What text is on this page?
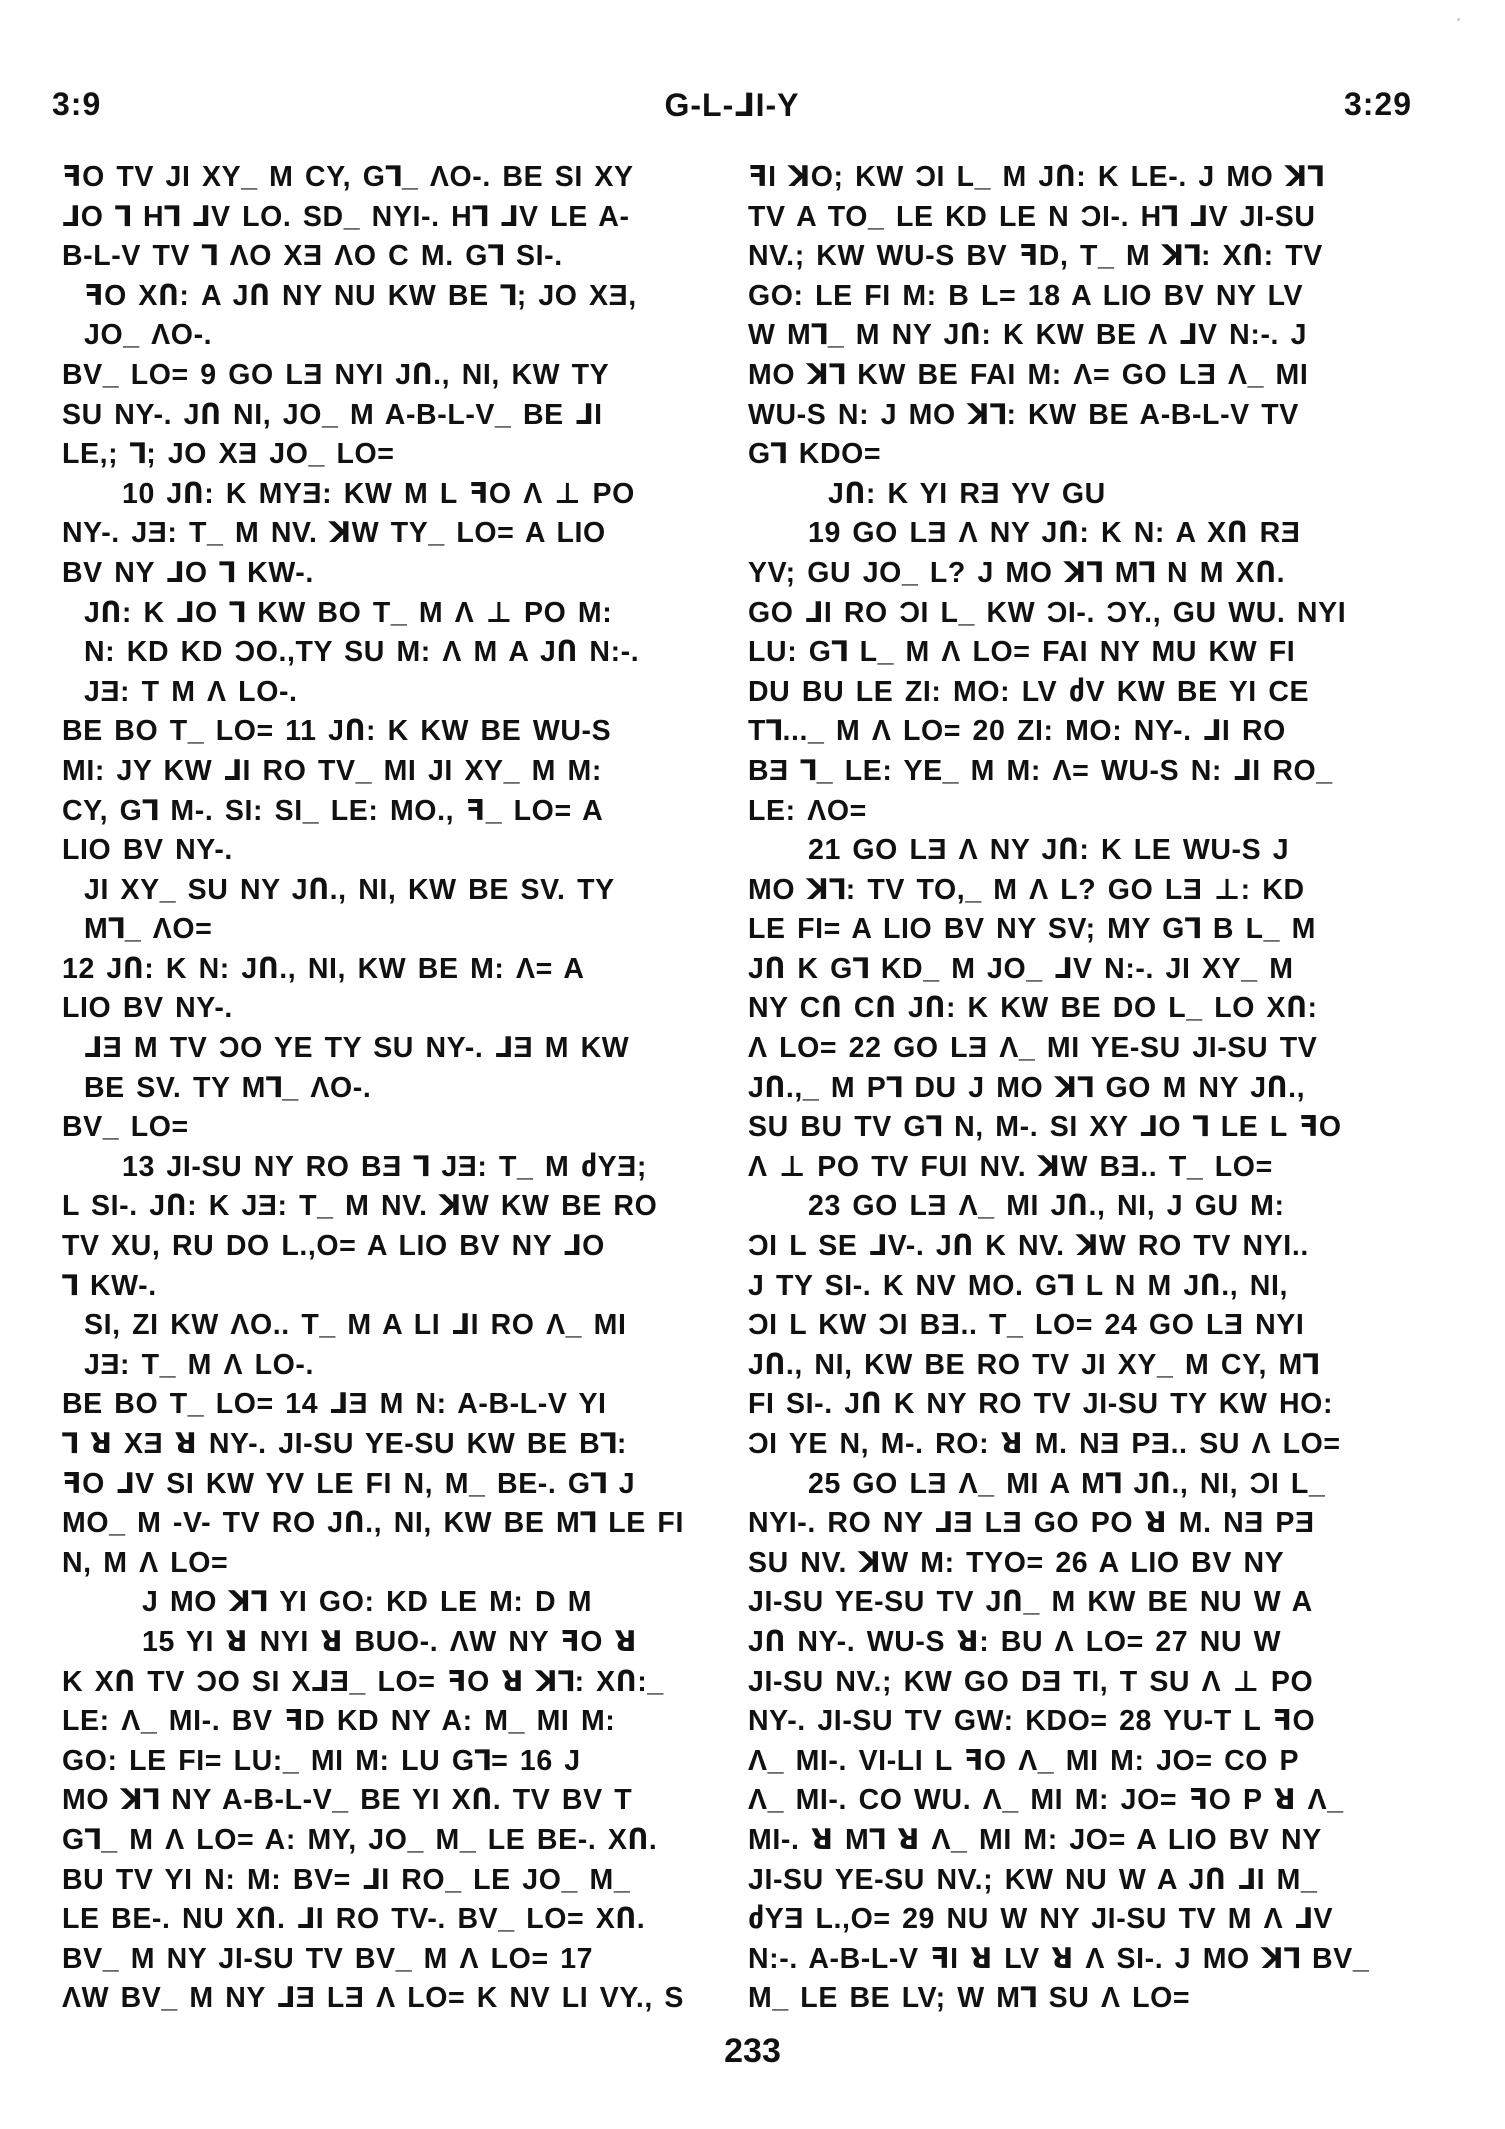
3:9	G-L-⅃I-Y	3:29
ꟻO TV JI XY_ M CY, G⅂_ ɅO-. BE SI XY
⅃O ⅂ H⅂ ⅃V LO. SD_ NYI-. H⅂ ⅃V LE A-
B-L-V TV ⅂ ɅO XƎ ɅO C M. G⅂ SI-.
ꟻO XՈ: A JՈ NY NU KW BE ⅂; JO XƎ,
JO_ ɅO-.
BV_ LO= 9 GO LƎ NYI JՈ., NI, KW TY
SU NY-. JՈ NI, JO_ M A-B-L-V_ BE ⅃I
LE,; ⅂; JO XƎ JO_ LO=
10 JՈ: K MYƎ: KW M L ꟻO Ʌ ⊥ PO
NY-. JƎ: T_ M NV. ꓘW TY_ LO= A LIO
BV NY ⅃O ⅂ KW-.
JՈ: K ⅃O ⅂ KW BO T_ M Ʌ ⊥ PO M:
N: KD KD ƆO.,TY SU M: Ʌ M A JՈ N:-.
JƎ: T M Ʌ LO-.
BE BO T_ LO= 11 JՈ: K KW BE WU-S
MI: JY KW ⅃I RO TV_ MI JI XY_ M M:
CY, G⅂ M-. SI: SI_ LE: MO., ꟻ_ LO= A
LIO BV NY-.
JI XY_ SU NY JՈ., NI, KW BE SV. TY
M⅂_ ɅO=
12 JՈ: K N: JՈ., NI, KW BE M: Ʌ= A
LIO BV NY-.
⅃Ǝ M TV ƆO YE TY SU NY-. ⅃Ǝ M KW
BE SV. TY M⅂_ ɅO-.
BV_ LO=
13 JI-SU NY RO BƎ ⅂ JƎ: T_ M ძYƎ;
L SI-. JՈ: K JƎ: T_ M NV. ꓘW KW BE RO
TV XU, RU DO L.,O= A LIO BV NY ⅃O
⅂ KW-.
SI, ZI KW ɅO.. T_ M A LI ⅃I RO Ʌ_ MI
JƎ: T_ M Ʌ LO-.
BE BO T_ LO= 14 ⅃Ǝ M N: A-B-L-V YI
⅂ ꓤ XƎ ꓤ NY-. JI-SU YE-SU KW BE B⅂:
ꟻO ⅃V SI KW YV LE FI N, M_ BE-. G⅂ J
MO_ M -V- TV RO JՈ., NI, KW BE M⅂ LE FI
N, M Ʌ LO=
J MO ꓘ⅂ YI GO: KD LE M: D M
15 YI ꓤ NYI ꓤ BUO-. ɅW NY ꟻO ꓤ
K XՈ TV ƆO SI X⅃Ǝ_ LO= ꟻO ꓤ ꓘ⅂: XՈ:_
LE: Ʌ_ MI-. BV ꟻD KD NY A: M_ MI M:
GO: LE FI= LU:_ MI M: LU G⅂= 16 J
MO ꓘ⅂ NY A-B-L-V_ BE YI XՈ. TV BV T
G⅂_ M Ʌ LO= A: MY, JO_ M_ LE BE-. XՈ.
BU TV YI N: M: BV= ⅃I RO_ LE JO_ M_
LE BE-. NU XՈ. ⅃I RO TV-. BV_ LO= XՈ.
BV_ M NY JI-SU TV BV_ M Ʌ LO= 17
ɅW BV_ M NY ⅃Ǝ LƎ Ʌ LO= K NV LI VY., S
ꟻI ꓘO; KW ƆI L_ M JՈ: K LE-. J MO ꓘ⅂
TV A TO_ LE KD LE N ƆI-. H⅂ ⅃V JI-SU
NV.; KW WU-S BV ꟻD, T_ M ꓘ⅂: XՈ: TV
GO: LE FI M: B L= 18 A LIO BV NY LV
W M⅂_ M NY JՈ: K KW BE Ʌ ⅃V N:-. J
MO ꓘ⅂ KW BE FAI M: Ʌ= GO LƎ Ʌ_ MI
WU-S N: J MO ꓘ⅂: KW BE A-B-L-V TV
G⅂ KDO=
JՈ: K YI RƎ YV GU
19 GO LƎ Ʌ NY JՈ: K N: A XՈ RƎ
YV; GU JO_ L? J MO ꓘ⅂ M⅂ N M XՈ.
GO ⅃I RO ƆI L_ KW ƆI-. ƆY., GU WU. NYI
LU: G⅂ L_ M Ʌ LO= FAI NY MU KW FI
DU BU LE ZI: MO: LV ძV KW BE YI CE
T⅂..._ M Ʌ LO= 20 ZI: MO: NY-. ⅃I RO
BƎ ⅂_ LE: YE_ M M: Ʌ= WU-S N: ⅃I RO_
LE: ɅO=
21 GO LƎ Ʌ NY JՈ: K LE WU-S J
MO ꓘ⅂: TV TO,_ M Ʌ L? GO LƎ ⊥: KD
LE FI= A LIO BV NY SV; MY G⅂ B L_ M
JՈ K G⅂ KD_ M JO_ ⅃V N:-. JI XY_ M
NY CՈ CՈ JՈ: K KW BE DO L_ LO XՈ:
Ʌ LO= 22 GO LƎ Ʌ_ MI YE-SU JI-SU TV
JՈ.,_ M P⅂ DU J MO ꓘ⅂ GO M NY JՈ.,
SU BU TV G⅂ N, M-. SI XY ⅃O ⅂ LE L ꟻO
Ʌ ⊥ PO TV FUI NV. ꓘW BƎ.. T_ LO=
23 GO LƎ Ʌ_ MI JՈ., NI, J GU M:
ƆI L SE ⅃V-. JՈ K NV. ꓘW RO TV NYI..
J TY SI-. K NV MO. G⅂ L N M JՈ., NI,
ƆI L KW ƆI BƎ.. T_ LO= 24 GO LƎ NYI
JՈ., NI, KW BE RO TV JI XY_ M CY, M⅂
FI SI-. JՈ K NY RO TV JI-SU TY KW HO:
ƆI YE N, M-. RO: ꓤ M. NƎ PƎ.. SU Ʌ LO=
25 GO LƎ Ʌ_ MI A M⅂ JՈ., NI, ƆI L_
NYI-. RO NY ⅃Ǝ LƎ GO PO ꓤ M. NƎ PƎ
SU NV. ꓘW M: TYO= 26 A LIO BV NY
JI-SU YE-SU TV JՈ_ M KW BE NU W A
JՈ NY-. WU-S ꓤ: BU Ʌ LO= 27 NU W
JI-SU NV.; KW GO DƎ TI, T SU Ʌ ⊥ PO
NY-. JI-SU TV GW: KDO= 28 YU-T L ꟻO
Ʌ_ MI-. VI-LI L ꟻO Ʌ_ MI M: JO= CO P
Ʌ_ MI-. CO WU. Ʌ_ MI M: JO= ꟻO P ꓤ Ʌ_
MI-. ꓤ M⅂ ꓤ Ʌ_ MI M: JO= A LIO BV NY
JI-SU YE-SU NV.; KW NU W A JՈ ⅃I M_
ძYƎ L.,O= 29 NU W NY JI-SU TV M Ʌ ⅃V
N:-. A-B-L-V ꟻI ꓤ LV ꓤ Ʌ SI-. J MO ꓘ⅂ BV_
M_ LE BE LV; W M⅂ SU Ʌ LO=
233
